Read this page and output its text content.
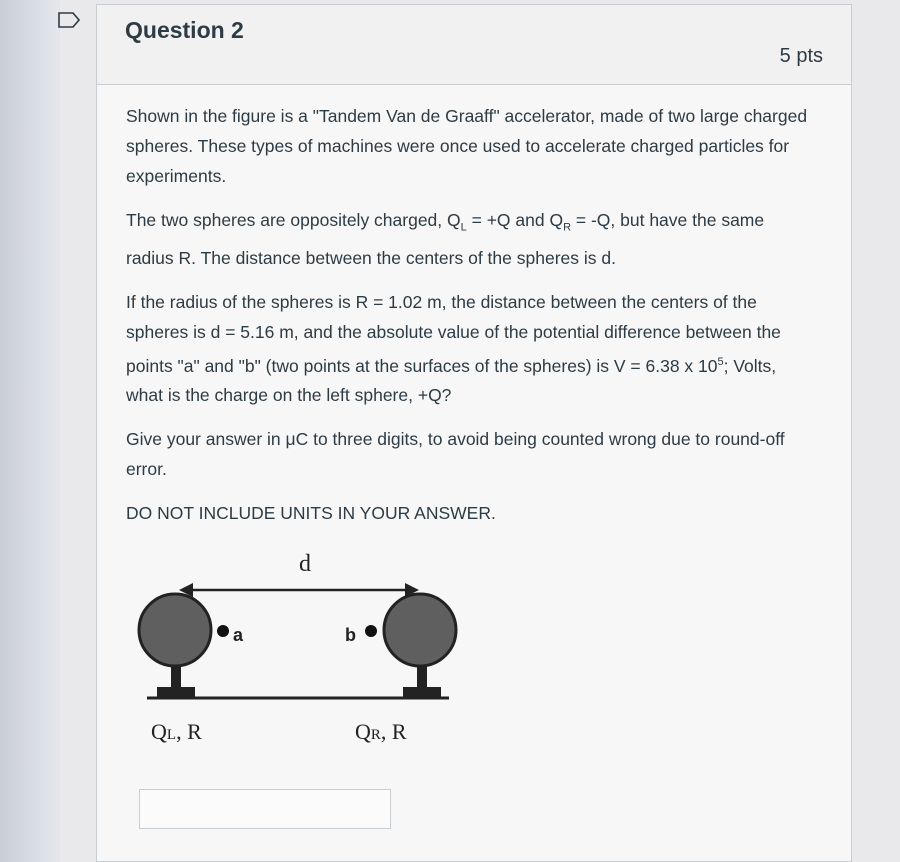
Question 2
5 pts

Shown in the figure is a "Tandem Van de Graaff" accelerator, made of two large charged spheres. These types of machines were once used to accelerate charged particles for experiments.

The two spheres are oppositely charged, $Q_L = +Q$ and $Q_R = -Q$, but have the same radius R. The distance between the centers of the spheres is d.

If the radius of the spheres is R = 1.02 m, the distance between the centers of the spheres is d = 5.16 m, and the absolute value of the potential difference between the points "a" and "b" (two points at the surfaces of the spheres) is V = 6.38 x $10^5$; Volts, what is the charge on the left sphere, +Q?

Give your answer in μC to three digits, to avoid being counted wrong due to round-off error.

DO NOT INCLUDE UNITS IN YOUR ANSWER.

d
a	b
QL, R	QR, R
